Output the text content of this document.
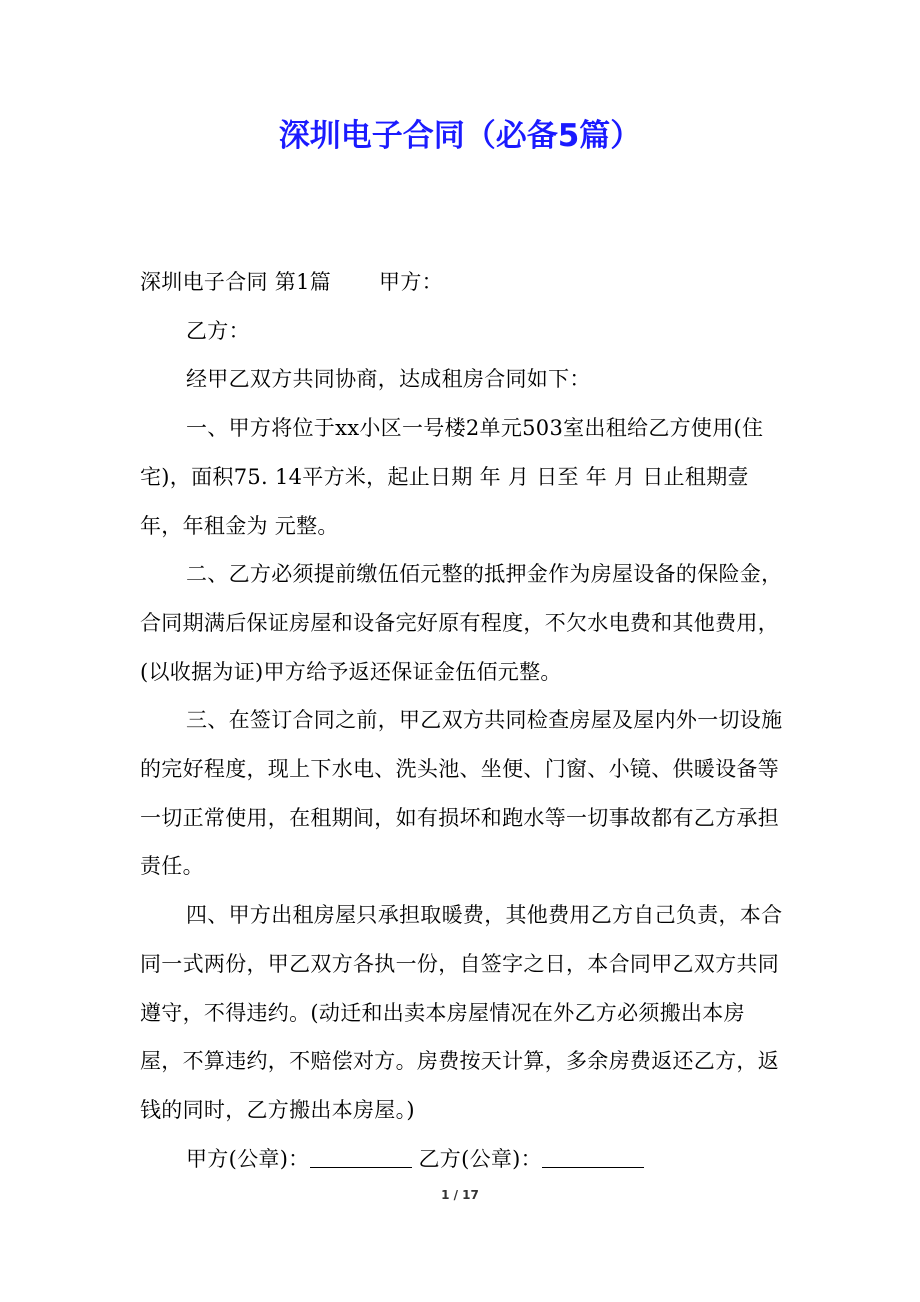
深圳电子合同（必备5篇）

深圳电子合同 第1篇 甲方：

乙方：

经甲乙双方共同协商，达成租房合同如下：

一、甲方将位于xx小区一号楼2单元503室出租给乙方使用(住宅)，面积75. 14平方米，起止日期 年 月 日至 年 月 日止租期壹年，年租金为 元整。

二、乙方必须提前缴伍佰元整的抵押金作为房屋设备的保险金，合同期满后保证房屋和设备完好原有程度，不欠水电费和其他费用，(以收据为证)甲方给予返还保证金伍佰元整。

三、在签订合同之前，甲乙双方共同检查房屋及屋内外一切设施的完好程度，现上下水电、洗头池、坐便、门窗、小镜、供暖设备等一切正常使用，在租期间，如有损坏和跑水等一切事故都有乙方承担责任。

四、甲方出租房屋只承担取暖费，其他费用乙方自己负责，本合同一式两份，甲乙双方各执一份，自签字之日，本合同甲乙双方共同遵守，不得违约。(动迁和出卖本房屋情况在外乙方必须搬出本房屋，不算违约，不赔偿对方。房费按天计算，多余房费返还乙方，返钱的同时，乙方搬出本房屋。)

甲方(公章)：	乙方(公章)：

1 / 17
